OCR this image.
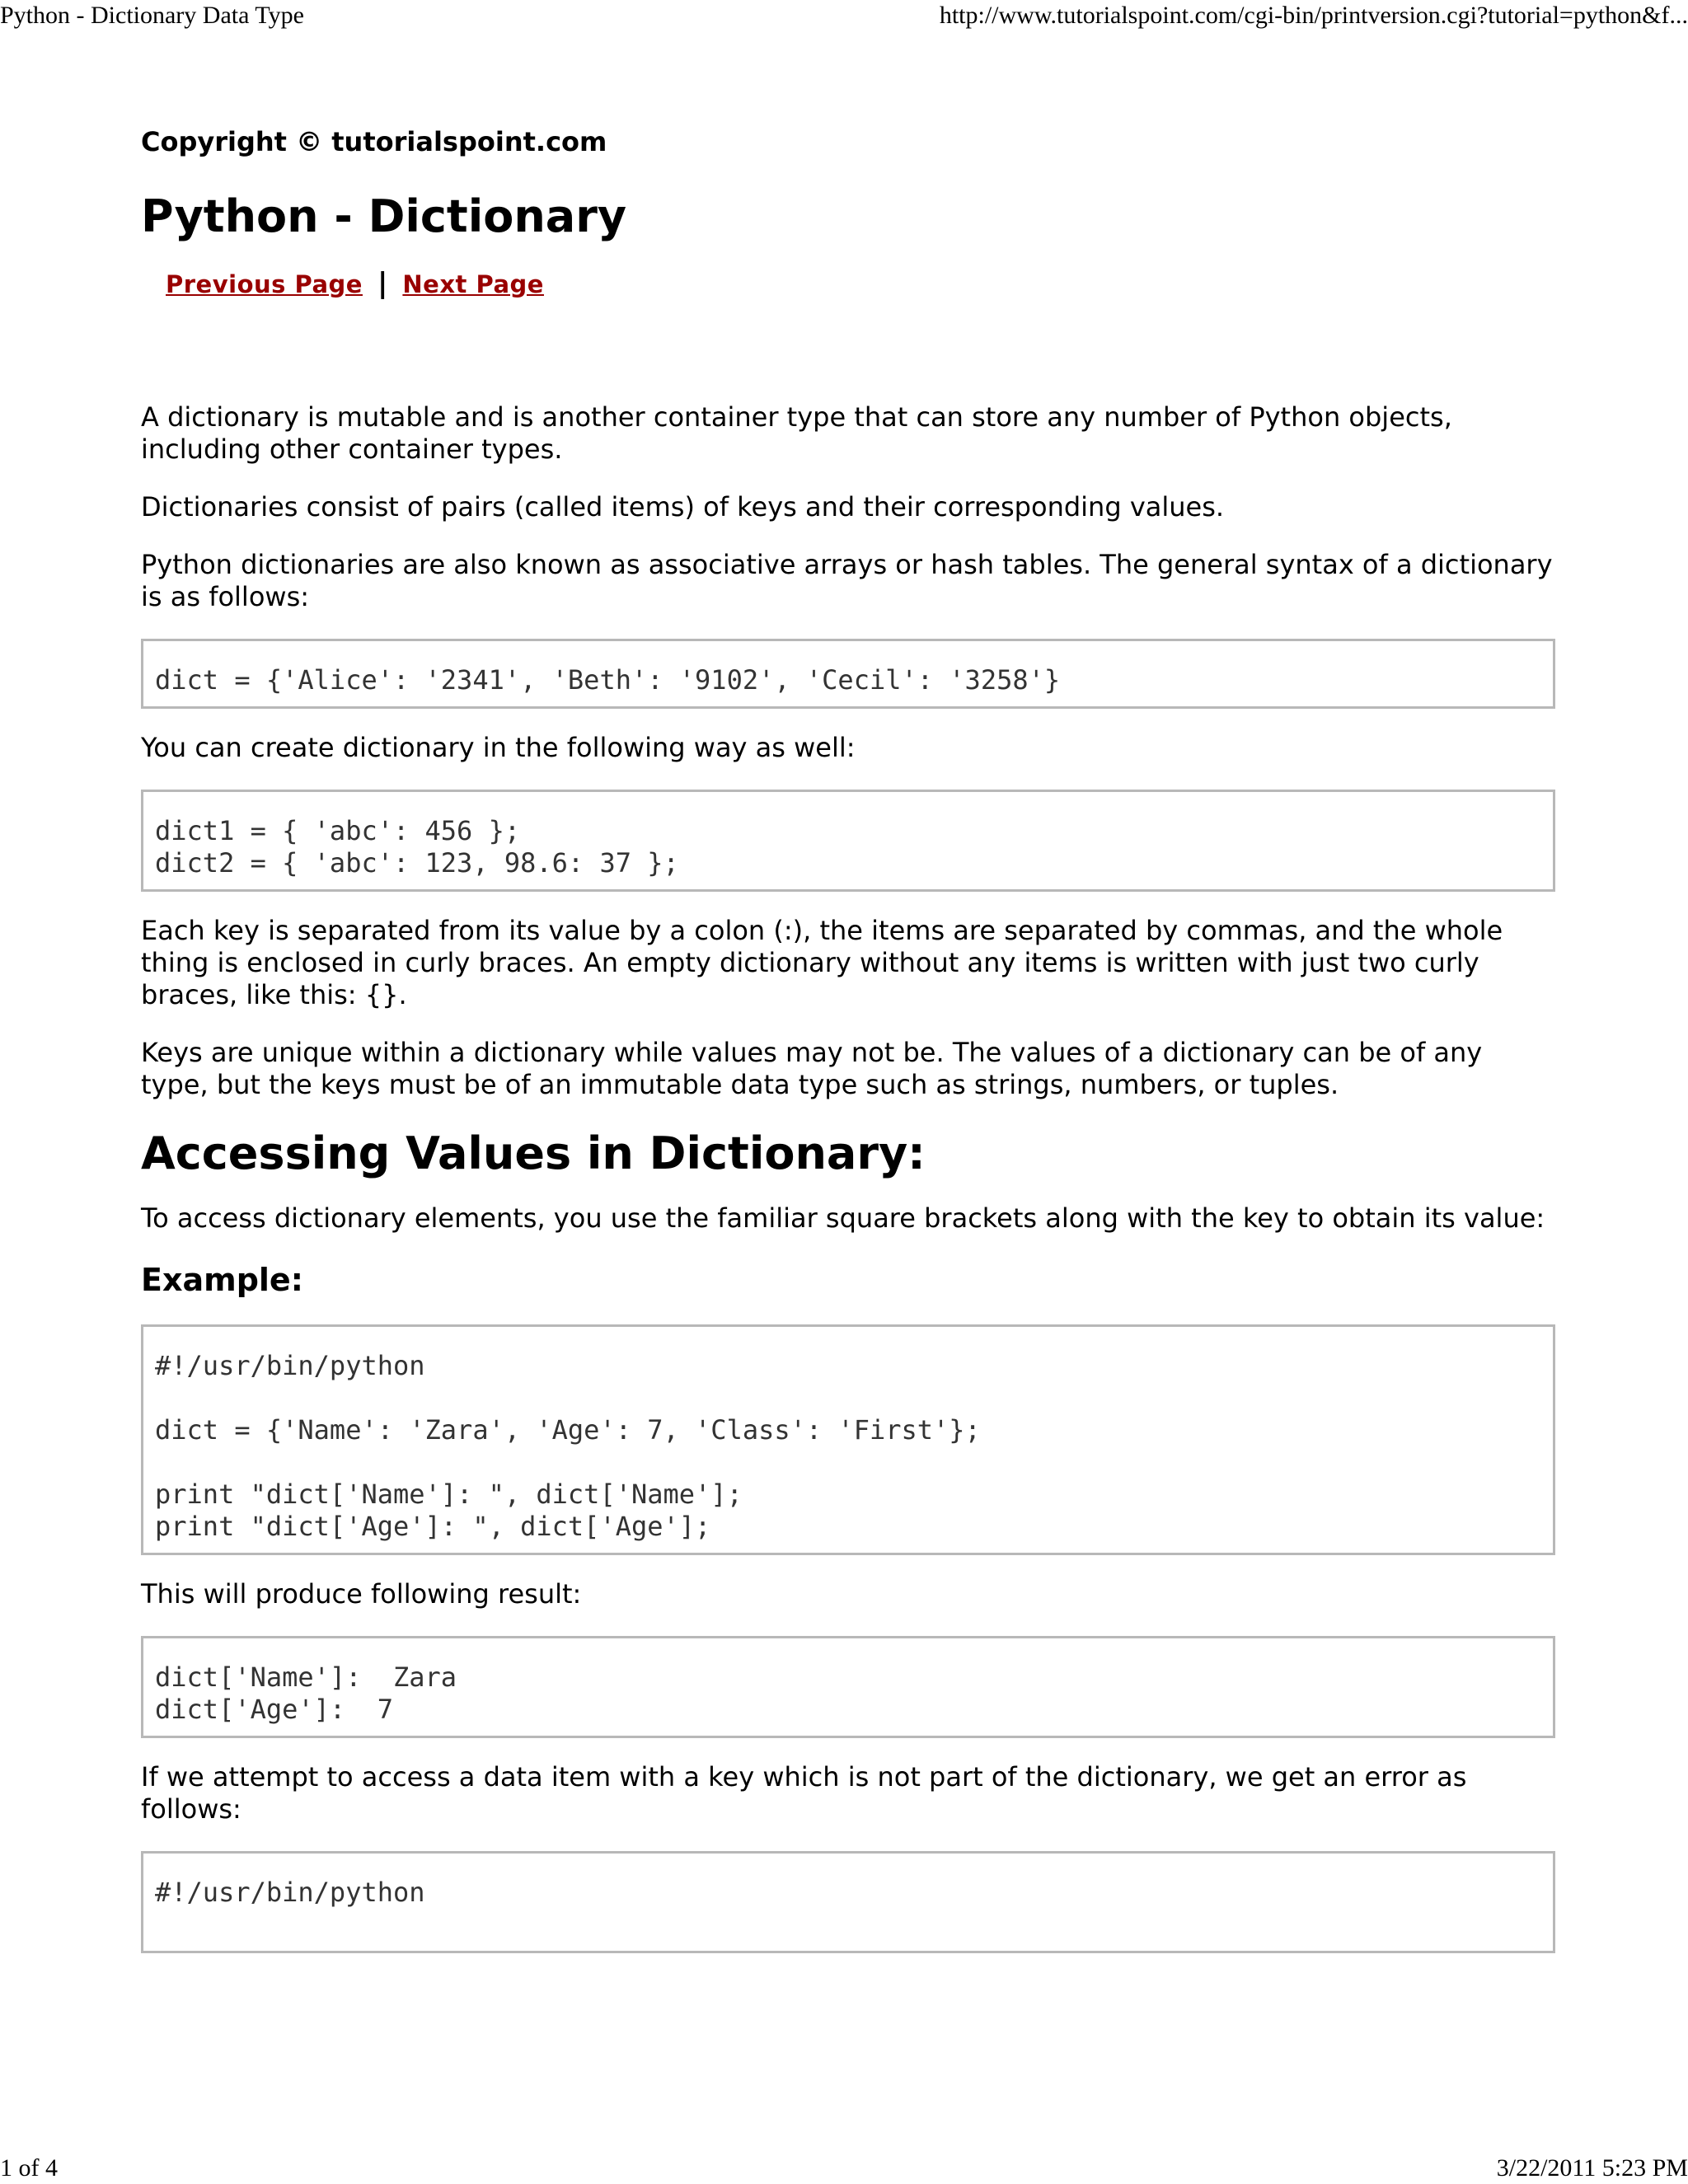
Python - Dictionary Data Type	http://www.tutorialspoint.com/cgi-bin/printversion.cgi?tutorial=python&f...
Copyright © tutorialspoint.com
Python - Dictionary
Previous Page | Next Page

A dictionary is mutable and is another container type that can store any number of Python objects, including other container types.

Dictionaries consist of pairs (called items) of keys and their corresponding values.

Python dictionaries are also known as associative arrays or hash tables. The general syntax of a dictionary is as follows:

dict = {'Alice': '2341', 'Beth': '9102', 'Cecil': '3258'}

You can create dictionary in the following way as well:

dict1 = { 'abc': 456 };
dict2 = { 'abc': 123, 98.6: 37 };

Each key is separated from its value by a colon (:), the items are separated by commas, and the whole thing is enclosed in curly braces. An empty dictionary without any items is written with just two curly braces, like this: {}.

Keys are unique within a dictionary while values may not be. The values of a dictionary can be of any type, but the keys must be of an immutable data type such as strings, numbers, or tuples.

Accessing Values in Dictionary:

To access dictionary elements, you use the familiar square brackets along with the key to obtain its value:

Example:
#!/usr/bin/python
dict = {'Name': 'Zara', 'Age': 7, 'Class': 'First'};
print "dict['Name']: ", dict['Name'];
print "dict['Age']: ", dict['Age'];

This will produce following result:

dict['Name']:  Zara
dict['Age']:  7

If we attempt to access a data item with a key which is not part of the dictionary, we get an error as follows:

#!/usr/bin/python
1 of 4	3/22/2011 5:23 PM
